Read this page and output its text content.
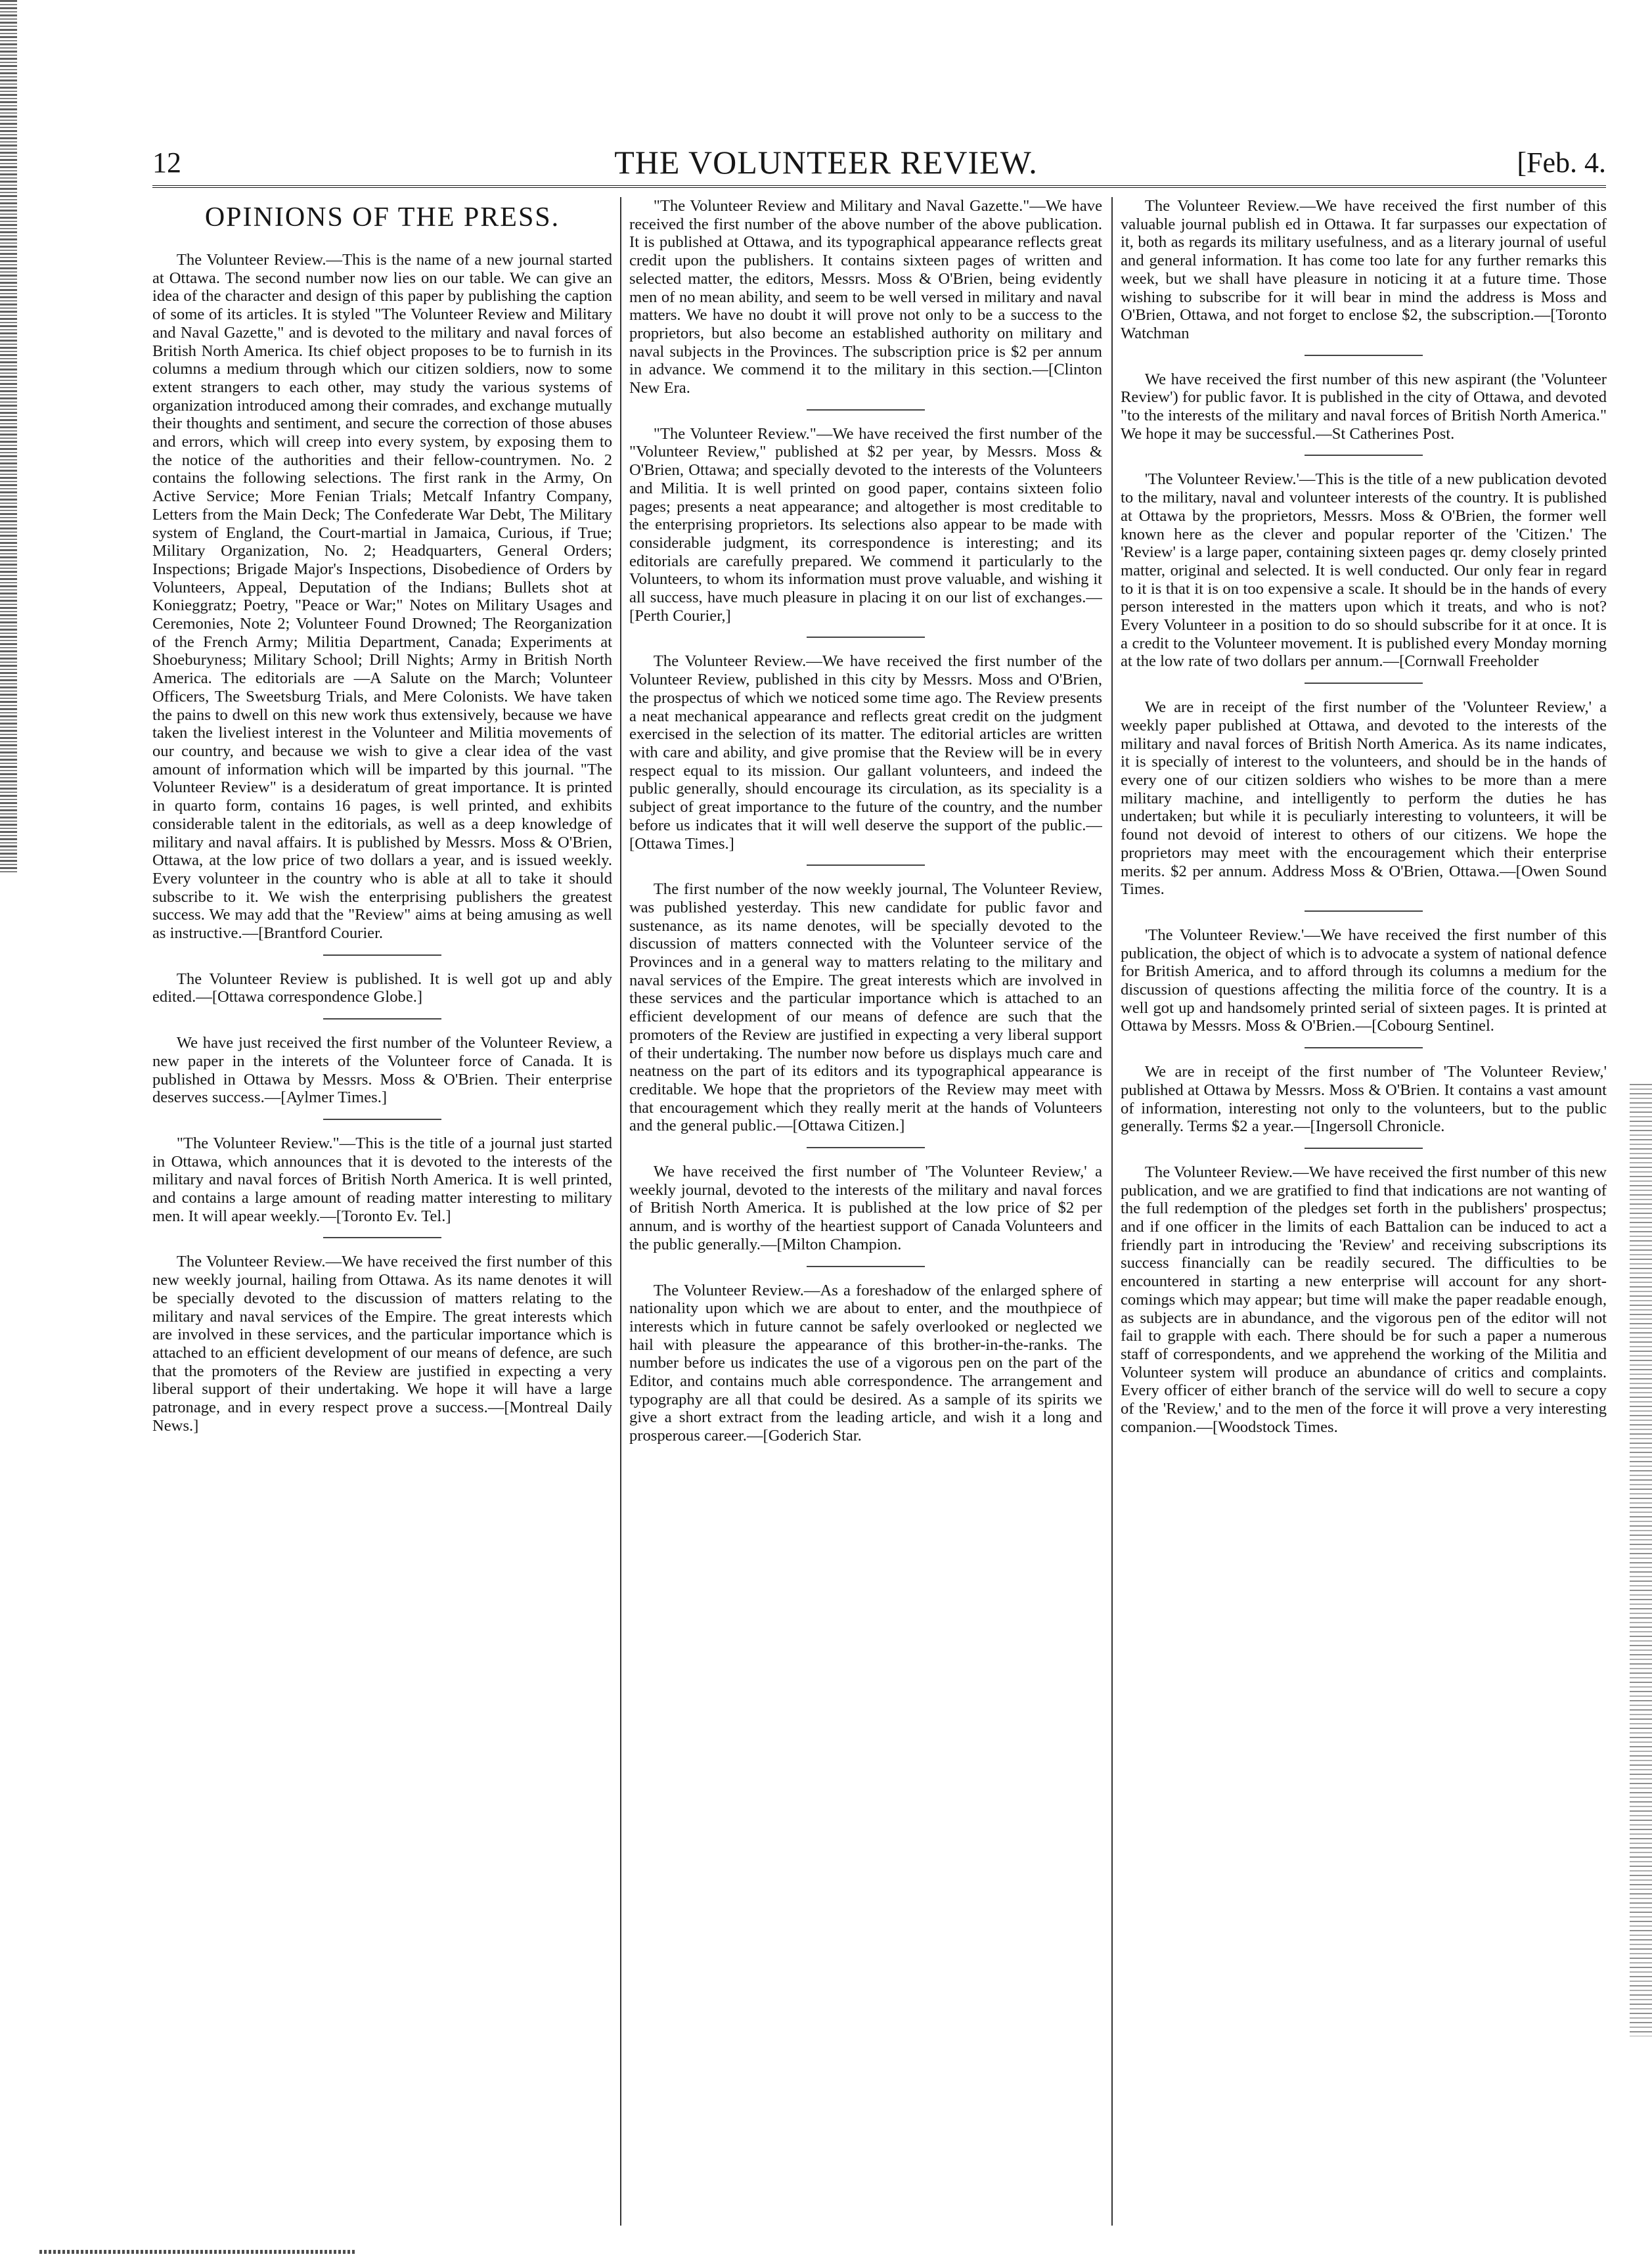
12	THE VOLUNTEER REVIEW.	[Feb. 4.
OPINIONS OF THE PRESS.

The Volunteer Review.—This is the name of a new journal started at Ottawa. The second number now lies on our table. We can give an idea of the character and design of this paper by publishing the caption of some of its articles. It is styled "The Volunteer Review and Military and Naval Gazette," and is devoted to the military and naval forces of British North America. Its chief object proposes to be to furnish in its columns a medium through which our citizen soldiers, now to some extent strangers to each other, may study the various systems of organization introduced among their comrades, and exchange mutually their thoughts and sentiment, and secure the correction of those abuses and errors, which will creep into every system, by exposing them to the notice of the authorities and their fellow-countrymen. No. 2 contains the following selections. The first rank in the Army, On Active Service; More Fenian Trials; Metcalf Infantry Company, Letters from the Main Deck; The Confederate War Debt, The Military system of England, the Court-martial in Jamaica, Curious, if True; Military Organization, No. 2; Headquarters, General Orders; Inspections; Brigade Major's Inspections, Disobedience of Orders by Volunteers, Appeal, Deputation of the Indians; Bullets shot at Konieggratz; Poetry, "Peace or War;" Notes on Military Usages and Ceremonies, Note 2; Volunteer Found Drowned; The Reorganization of the French Army; Militia Department, Canada; Experiments at Shoeburyness; Military School; Drill Nights; Army in British North America. The editorials are —A Salute on the March; Volunteer Officers, The Sweetsburg Trials, and Mere Colonists. We have taken the pains to dwell on this new work thus extensively, because we have taken the liveliest interest in the Volunteer and Militia movements of our country, and because we wish to give a clear idea of the vast amount of information which will be imparted by this journal. "The Volunteer Review" is a desideratum of great importance. It is printed in quarto form, contains 16 pages, is well printed, and exhibits considerable talent in the editorials, as well as a deep knowledge of military and naval affairs. It is published by Messrs. Moss & O'Brien, Ottawa, at the low price of two dollars a year, and is issued weekly. Every volunteer in the country who is able at all to take it should subscribe to it. We wish the enterprising publishers the greatest success. We may add that the "Review" aims at being amusing as well as instructive.—[Brantford Courier.

The Volunteer Review is published. It is well got up and ably edited.—[Ottawa correspondence Globe.]

We have just received the first number of the Volunteer Review, a new paper in the interets of the Volunteer force of Canada. It is published in Ottawa by Messrs. Moss & O'Brien. Their enterprise deserves success.—[Aylmer Times.]

"The Volunteer Review."—This is the title of a journal just started in Ottawa, which announces that it is devoted to the interests of the military and naval forces of British North America. It is well printed, and contains a large amount of reading matter interesting to military men. It will apear weekly.—[Toronto Ev. Tel.]

The Volunteer Review.—We have received the first number of this new weekly journal, hailing from Ottawa. As its name denotes it will be specially devoted to the discussion of matters relating to the military and naval services of the Empire. The great interests which are involved in these services, and the particular importance which is attached to an efficient development of our means of defence, are such that the promoters of the Review are justified in expecting a very liberal support of their undertaking. We hope it will have a large patronage, and in every respect prove a success.—[Montreal Daily News.]

"The Volunteer Review and Military and Naval Gazette."—We have received the first number of the above number of the above publication. It is published at Ottawa, and its typographical appearance reflects great credit upon the publishers. It contains sixteen pages of written and selected matter, the editors, Messrs. Moss & O'Brien, being evidently men of no mean ability, and seem to be well versed in military and naval matters. We have no doubt it will prove not only to be a success to the proprietors, but also become an established authority on military and naval subjects in the Provinces. The subscription price is $2 per annum in advance. We commend it to the military in this section.—[Clinton New Era.

"The Volunteer Review."—We have received the first number of the "Volunteer Review," published at $2 per year, by Messrs. Moss & O'Brien, Ottawa; and specially devoted to the interests of the Volunteers and Militia. It is well printed on good paper, contains sixteen folio pages; presents a neat appearance; and altogether is most creditable to the enterprising proprietors. Its selections also appear to be made with considerable judgment, its correspondence is interesting; and its editorials are carefully prepared. We commend it particularly to the Volunteers, to whom its information must prove valuable, and wishing it all success, have much pleasure in placing it on our list of exchanges.—[Perth Courier,]

The Volunteer Review.—We have received the first number of the Volunteer Review, published in this city by Messrs. Moss and O'Brien, the prospectus of which we noticed some time ago. The Review presents a neat mechanical appearance and reflects great credit on the judgment exercised in the selection of its matter. The editorial articles are written with care and ability, and give promise that the Review will be in every respect equal to its mission. Our gallant volunteers, and indeed the public generally, should encourage its circulation, as its speciality is a subject of great importance to the future of the country, and the number before us indicates that it will well deserve the support of the public.—[Ottawa Times.]

The first number of the now weekly journal, The Volunteer Review, was published yesterday. This new candidate for public favor and sustenance, as its name denotes, will be specially devoted to the discussion of matters connected with the Volunteer service of the Provinces and in a general way to matters relating to the military and naval services of the Empire. The great interests which are involved in these services and the particular importance which is attached to an efficient development of our means of defence are such that the promoters of the Review are justified in expecting a very liberal support of their undertaking. The number now before us displays much care and neatness on the part of its editors and its typographical appearance is creditable. We hope that the proprietors of the Review may meet with that encouragement which they really merit at the hands of Volunteers and the general public.—[Ottawa Citizen.]

We have received the first number of 'The Volunteer Review,' a weekly journal, devoted to the interests of the military and naval forces of British North America. It is published at the low price of $2 per annum, and is worthy of the heartiest support of Canada Volunteers and the public generally.—[Milton Champion.

The Volunteer Review.—As a foreshadow of the enlarged sphere of nationality upon which we are about to enter, and the mouthpiece of interests which in future cannot be safely overlooked or neglected we hail with pleasure the appearance of this brother-in-the-ranks. The number before us indicates the use of a vigorous pen on the part of the Editor, and contains much able correspondence. The arrangement and typography are all that could be desired. As a sample of its spirits we give a short extract from the leading article, and wish it a long and prosperous career.—[Goderich Star.

The Volunteer Review.—We have received the first number of this valuable journal publish ed in Ottawa. It far surpasses our expectation of it, both as regards its military usefulness, and as a literary journal of useful and general information. It has come too late for any further remarks this week, but we shall have pleasure in noticing it at a future time. Those wishing to subscribe for it will bear in mind the address is Moss and O'Brien, Ottawa, and not forget to enclose $2, the subscription.—[Toronto Watchman

We have received the first number of this new aspirant (the 'Volunteer Review') for public favor. It is published in the city of Ottawa, and devoted "to the interests of the military and naval forces of British North America." We hope it may be successful.—St Catherines Post.

'The Volunteer Review.'—This is the title of a new publication devoted to the military, naval and volunteer interests of the country. It is published at Ottawa by the proprietors, Messrs. Moss & O'Brien, the former well known here as the clever and popular reporter of the 'Citizen.' The 'Review' is a large paper, containing sixteen pages qr. demy closely printed matter, original and selected. It is well conducted. Our only fear in regard to it is that it is on too expensive a scale. It should be in the hands of every person interested in the matters upon which it treats, and who is not? Every Volunteer in a position to do so should subscribe for it at once. It is a credit to the Volunteer movement. It is published every Monday morning at the low rate of two dollars per annum.—[Cornwall Freeholder

We are in receipt of the first number of the 'Volunteer Review,' a weekly paper published at Ottawa, and devoted to the interests of the military and naval forces of British North America. As its name indicates, it is specially of interest to the volunteers, and should be in the hands of every one of our citizen soldiers who wishes to be more than a mere military machine, and intelligently to perform the duties he has undertaken; but while it is peculiarly interesting to volunteers, it will be found not devoid of interest to others of our citizens. We hope the proprietors may meet with the encouragement which their enterprise merits. $2 per annum. Address Moss & O'Brien, Ottawa.—[Owen Sound Times.

'The Volunteer Review.'—We have received the first number of this publication, the object of which is to advocate a system of national defence for British America, and to afford through its columns a medium for the discussion of questions affecting the militia force of the country. It is a well got up and handsomely printed serial of sixteen pages. It is printed at Ottawa by Messrs. Moss & O'Brien.—[Cobourg Sentinel.

We are in receipt of the first number of 'The Volunteer Review,' published at Ottawa by Messrs. Moss & O'Brien. It contains a vast amount of information, interesting not only to the volunteers, but to the public generally. Terms $2 a year.—[Ingersoll Chronicle.

The Volunteer Review.—We have received the first number of this new publication, and we are gratified to find that indications are not wanting of the full redemption of the pledges set forth in the publishers' prospectus; and if one officer in the limits of each Battalion can be induced to act a friendly part in introducing the 'Review' and receiving subscriptions its success financially can be readily secured. The difficulties to be encountered in starting a new enterprise will account for any short-comings which may appear; but time will make the paper readable enough, as subjects are in abundance, and the vigorous pen of the editor will not fail to grapple with each. There should be for such a paper a numerous staff of correspondents, and we apprehend the working of the Militia and Volunteer system will produce an abundance of critics and complaints. Every officer of either branch of the service will do well to secure a copy of the 'Review,' and to the men of the force it will prove a very interesting companion.—[Woodstock Times.
